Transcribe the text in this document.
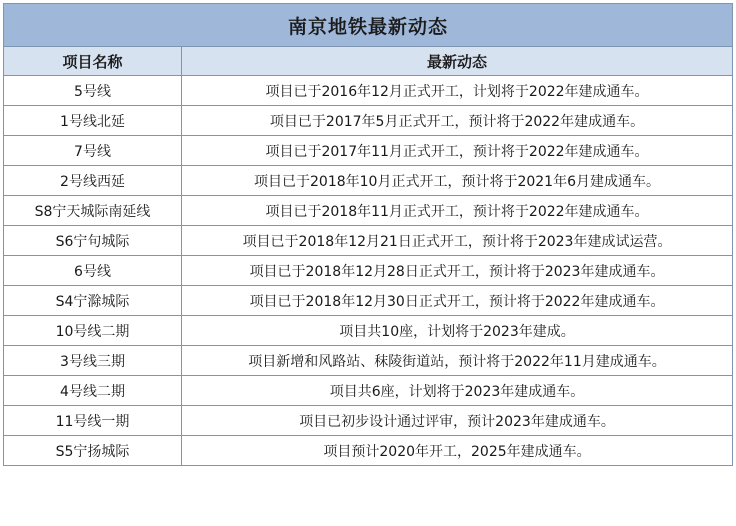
南京地铁最新动态	
项目名称	最新动态
5号线	项目已于2016年12月正式开工，计划将于2022年建成通车。
1号线北延	项目已于2017年5月正式开工，预计将于2022年建成通车。
7号线	项目已于2017年11月正式开工，预计将于2022年建成通车。
2号线西延	项目已于2018年10月正式开工，预计将于2021年6月建成通车。
S8宁天城际南延线	项目已于2018年11月正式开工，预计将于2022年建成通车。
S6宁句城际	项目已于2018年12月21日正式开工，预计将于2023年建成试运营。
6号线	项目已于2018年12月28日正式开工，预计将于2023年建成通车。
S4宁滁城际	项目已于2018年12月30日正式开工，预计将于2022年建成通车。
10号线二期	项目共10座，计划将于2023年建成。
3号线三期	项目新增和风路站、秣陵街道站，预计将于2022年11月建成通车。
4号线二期	项目共6座，计划将于2023年建成通车。
11号线一期	项目已初步设计通过评审，预计2023年建成通车。
S5宁扬城际	项目预计2020年开工，2025年建成通车。
